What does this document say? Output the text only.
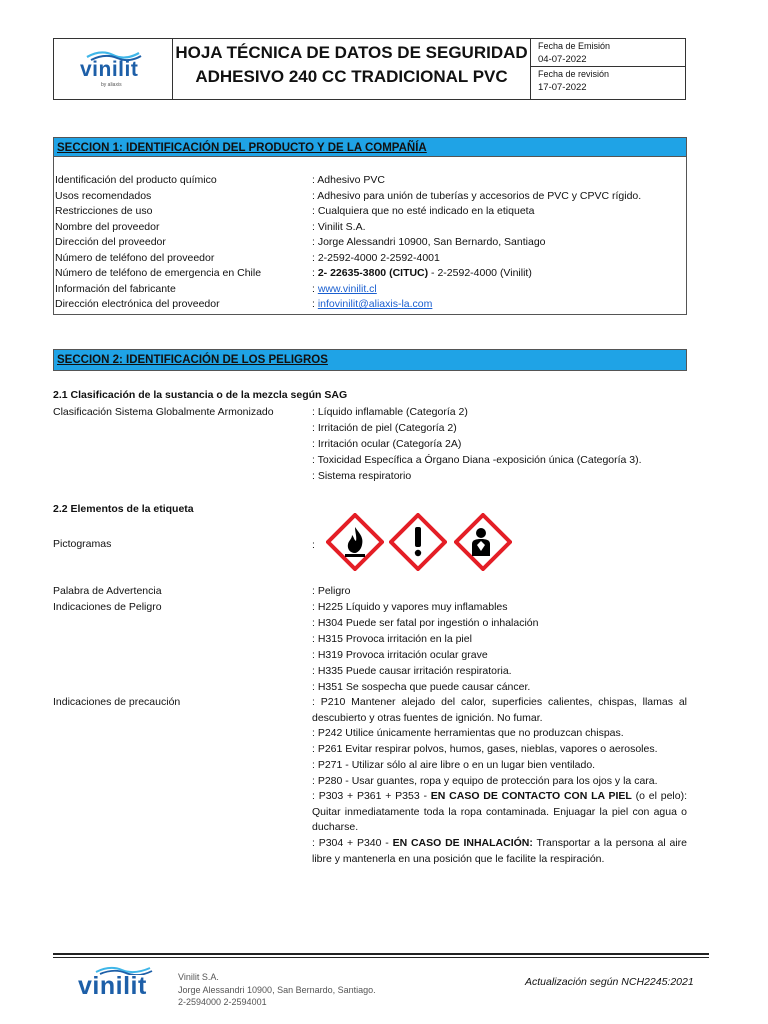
vinilit
by aliaxis
HOJA TÉCNICA DE DATOS DE SEGURIDAD
ADHESIVO 240 CC TRADICIONAL PVC
Fecha de Emisión
04-07-2022
Fecha de revisión
17-07-2022
SECCION 1: IDENTIFICACIÓN DEL PRODUCTO Y DE LA COMPAÑÍA
Identificación del producto químico	: Adhesivo PVC
Usos recomendados	: Adhesivo para unión de tuberías y accesorios de PVC y CPVC rígido.
Restricciones de uso	: Cualquiera que no esté indicado en la etiqueta
Nombre del proveedor	: Vinilit S.A.
Dirección del proveedor	: Jorge Alessandri 10900, San Bernardo, Santiago
Número de teléfono del proveedor	: 2-2592-4000 2-2592-4001
Número de teléfono de emergencia en Chile	: 2- 22635-3800 (CITUC) - 2-2592-4000 (Vinilit)
Información del fabricante	: www.vinilit.cl
Dirección electrónica del proveedor	: infovinilit@aliaxis-la.com
SECCION 2: IDENTIFICACIÓN DE LOS PELIGROS
2.1 Clasificación de la sustancia o de la mezcla según SAG
Clasificación Sistema Globalmente Armonizado	: Líquido inflamable (Categoría 2)
: Irritación de piel (Categoría 2)
: Irritación ocular (Categoría 2A)
: Toxicidad Específica a Órgano Diana -exposición única (Categoría 3).
: Sistema respiratorio
2.2 Elementos de la etiqueta
Pictogramas	:
Palabra de Advertencia	: Peligro
Indicaciones de Peligro	: H225 Líquido y vapores muy inflamables
: H304 Puede ser fatal por ingestión o inhalación
: H315 Provoca irritación en la piel
: H319 Provoca irritación ocular grave
: H335 Puede causar irritación respiratoria.
: H351 Se sospecha que puede causar cáncer.
Indicaciones de precaución	: P210 Mantener alejado del calor, superficies calientes, chispas, llamas al descubierto y otras fuentes de ignición. No fumar.
: P242 Utilice únicamente herramientas que no produzcan chispas.
: P261 Evitar respirar polvos, humos, gases, nieblas, vapores o aerosoles.
: P271 - Utilizar sólo al aire libre o en un lugar bien ventilado.
: P280 - Usar guantes, ropa y equipo de protección para los ojos y la cara.
: P303 + P361 + P353 - EN CASO DE CONTACTO CON LA PIEL (o el pelo): Quitar inmediatamente toda la ropa contaminada. Enjuagar la piel con agua o ducharse.
: P304 + P340 - EN CASO DE INHALACIÓN: Transportar a la persona al aire libre y mantenerla en una posición que le facilite la respiración.
vinilit	Vinilit S.A.
Jorge Alessandri 10900, San Bernardo, Santiago.
2-2594000 2-2594001
Actualización según NCH2245:2021
